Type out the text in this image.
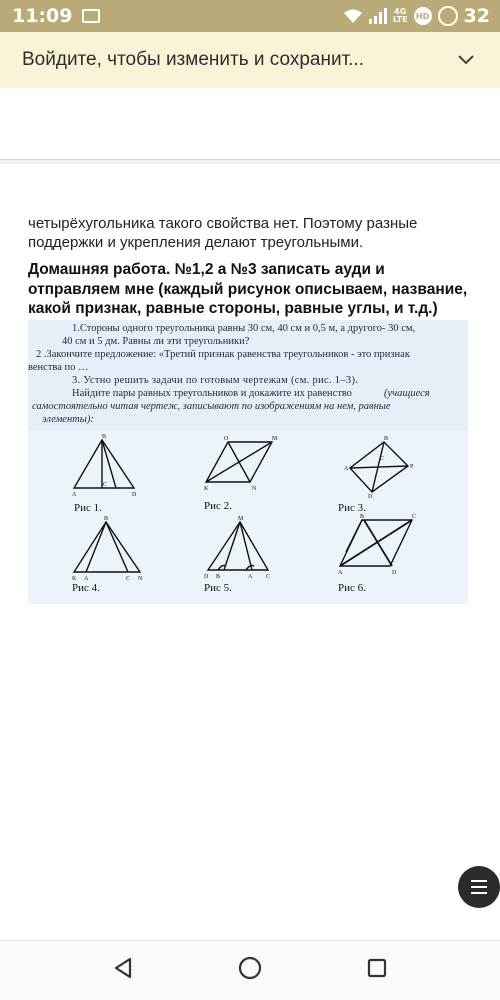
11:09	4G
LTE HD 32
Войдите, чтобы изменить и сохранит...
четырёхугольника такого свойства нет. Поэтому разные поддержки и укрепления делают треугольными.
Домашняя работа. №1,2 а №3 записать ауди и отправляем мне (каждый рисунок описываем, название, какой признак, равные стороны, равные углы, и т.д.)
1.Стороны одного треугольника равны 30 см, 40 см и 0,5 м, а другого- 30 см,
40 см и 5 дм. Равны ли эти треугольники?
2 .Закончите предложение: «Третий признак равенства треугольников - это признак
венства по …
3. Устно решить задачи по готовым чертежам (см. рис. 1–3).
Найдите пары равных треугольников и докажите их равенство	(учащиеся
самостоятельно читая чертеж, записывают по изображениям на нем, равные
элементы):
B
A
C
D
Рис 1.
O	M
K	N
Рис 2.
B
A
C
P
D
Рис 3.
B
K A	C N
Рис 4.
M
D B	A C
Рис 5.
B	C
A	D
Рис 6.
